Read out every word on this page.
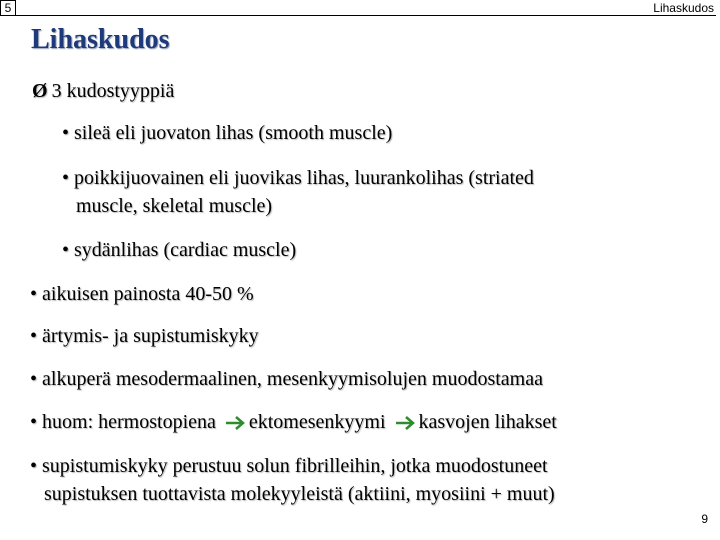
5	Lihaskudos
Lihaskudos
Ø 3 kudostyyppiä
• sileä eli juovaton lihas (smooth muscle)
• poikkijuovainen eli juovikas lihas, luurankolihas (striated
muscle, skeletal muscle)
• sydänlihas (cardiac muscle)
• aikuisen painosta 40-50 %
• ärtymis- ja supistumiskyky
• alkuperä mesodermaalinen, mesenkyymisolujen muodostamaa
• huom: hermostopiena ektomesenkyymi kasvojen lihakset
• supistumiskyky perustuu solun fibrilleihin, jotka muodostuneet
supistuksen tuottavista molekyyleistä (aktiini, myosiini + muut)
9
